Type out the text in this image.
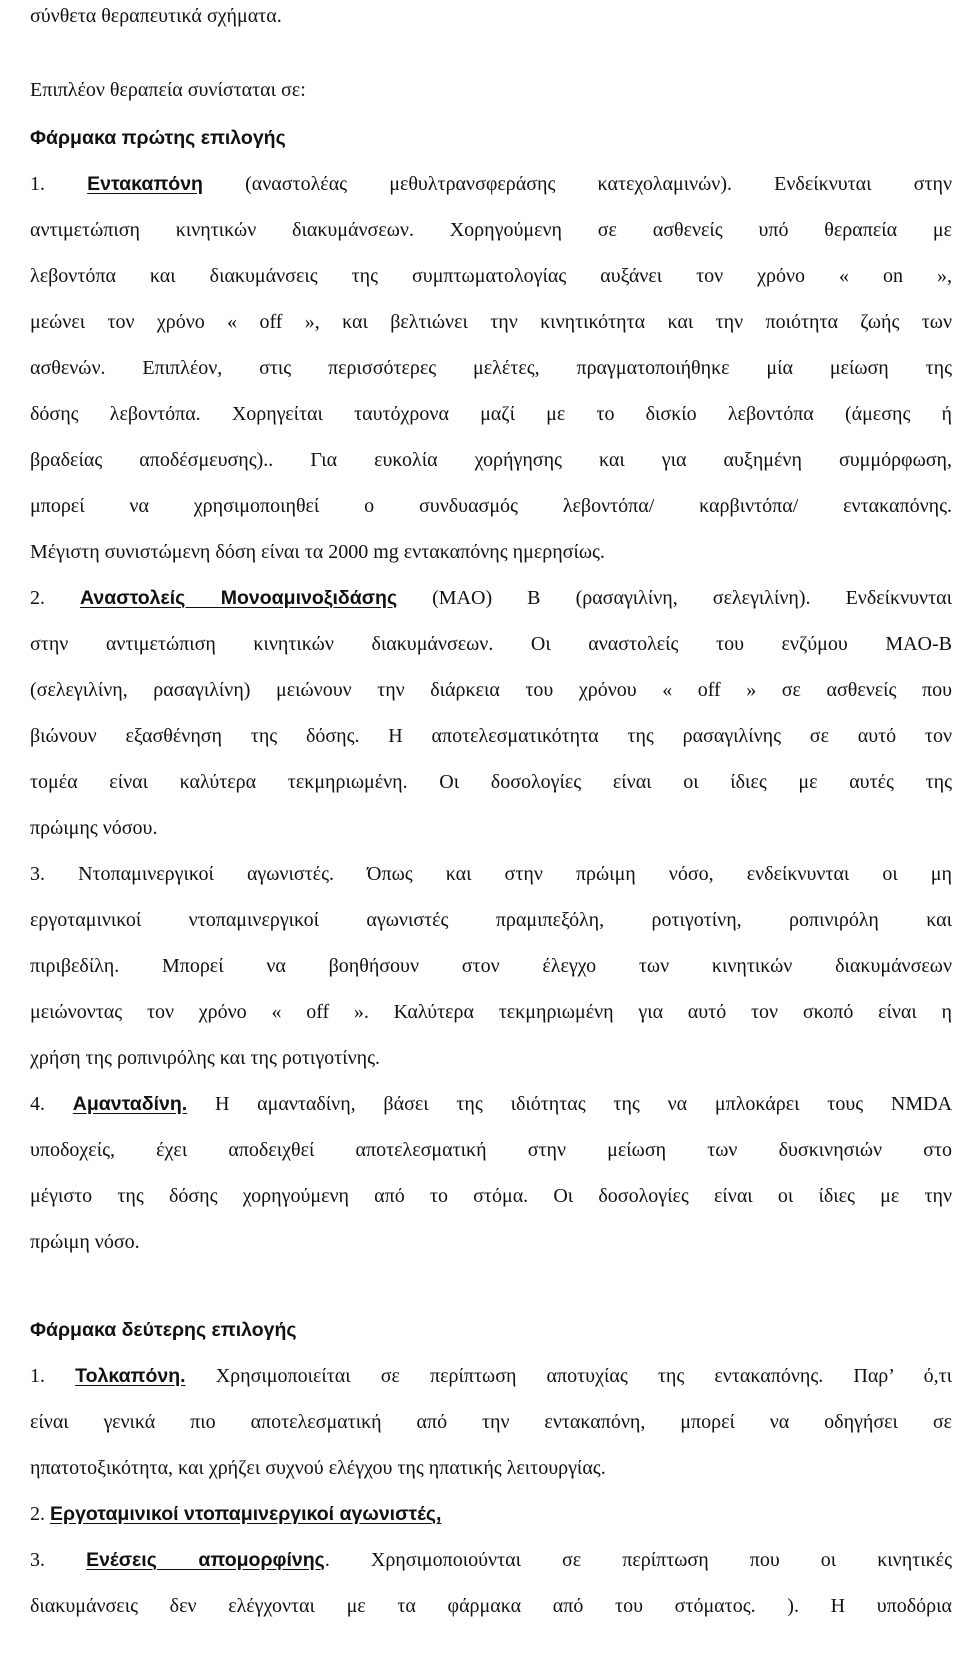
σύνθετα θεραπευτικά σχήματα.
Επιπλέον θεραπεία συνίσταται σε:
Φάρμακα πρώτης επιλογής
1. Εντακαπόνη (αναστολέας μεθυλτρανσφεράσης κατεχολαμινών). Ενδείκνυται στην
αντιμετώπιση κινητικών διακυμάνσεων. Χορηγούμενη σε ασθενείς υπό θεραπεία με
λεβοντόπα και διακυμάνσεις της συμπτωματολογίας αυξάνει τον χρόνο « on »,
μεώνει τον χρόνο « off », και βελτιώνει την κινητικότητα και την ποιότητα ζωής των
ασθενών. Επιπλέον, στις περισσότερες μελέτες, πραγματοποιήθηκε μία μείωση της
δόσης λεβοντόπα. Χορηγείται ταυτόχρονα μαζί με το δισκίο λεβοντόπα (άμεσης ή
βραδείας αποδέσμευσης).. Για ευκολία χορήγησης και για αυξημένη συμμόρφωση,
μπορεί να χρησιμοποιηθεί ο συνδυασμός λεβοντόπα/ καρβιντόπα/ εντακαπόνης.
Μέγιστη συνιστώμενη δόση είναι τα 2000 mg εντακαπόνης ημερησίως.
2. Αναστολείς Μονοαμινοξιδάσης (MAO) B (ρασαγιλίνη, σελεγιλίνη). Ενδείκνυνται
στην αντιμετώπιση κινητικών διακυμάνσεων. Οι αναστολείς του ενζύμου MAO-B
(σελεγιλίνη, ρασαγιλίνη) μειώνουν την διάρκεια του χρόνου « off » σε ασθενείς που
βιώνουν εξασθένηση της δόσης. Η αποτελεσματικότητα της ρασαγιλίνης σε αυτό τον
τομέα είναι καλύτερα τεκμηριωμένη. Οι δοσολογίες είναι οι ίδιες με αυτές της
πρώιμης νόσου.
3. Ντοπαμινεργικοί αγωνιστές. Όπως και στην πρώιμη νόσο, ενδείκνυνται οι μη
εργοταμινικοί ντοπαμινεργικοί αγωνιστές πραμιπεξόλη, ροτιγοτίνη, ροπινιρόλη και
πιριβεδίλη. Μπορεί να βοηθήσουν στον έλεγχο των κινητικών διακυμάνσεων
μειώνοντας τον χρόνο « off ». Καλύτερα τεκμηριωμένη για αυτό τον σκοπό είναι η
χρήση της ροπινιρόλης και της ροτιγοτίνης.
4. Αμανταδίνη. Η αμανταδίνη, βάσει της ιδιότητας της να μπλοκάρει τους NMDA
υποδοχείς, έχει αποδειχθεί αποτελεσματική στην μείωση των δυσκινησιών στο
μέγιστο της δόσης χορηγούμενη από το στόμα. Οι δοσολογίες είναι οι ίδιες με την
πρώιμη νόσο.
Φάρμακα δεύτερης επιλογής
1. Τολκαπόνη. Χρησιμοποιείται σε περίπτωση αποτυχίας της εντακαπόνης. Παρ’ ό,τι
είναι γενικά πιο αποτελεσματική από την εντακαπόνη, μπορεί να οδηγήσει σε
ηπατοτοξικότητα, και χρήζει συχνού ελέγχου της ηπατικής λειτουργίας.
2. Εργοταμινικοί ντοπαμινεργικοί αγωνιστές,
3. Ενέσεις απομορφίνης. Χρησιμοποιούνται σε περίπτωση που οι κινητικές
διακυμάνσεις δεν ελέγχονται με τα φάρμακα από του στόματος. ). Η υποδόρια
